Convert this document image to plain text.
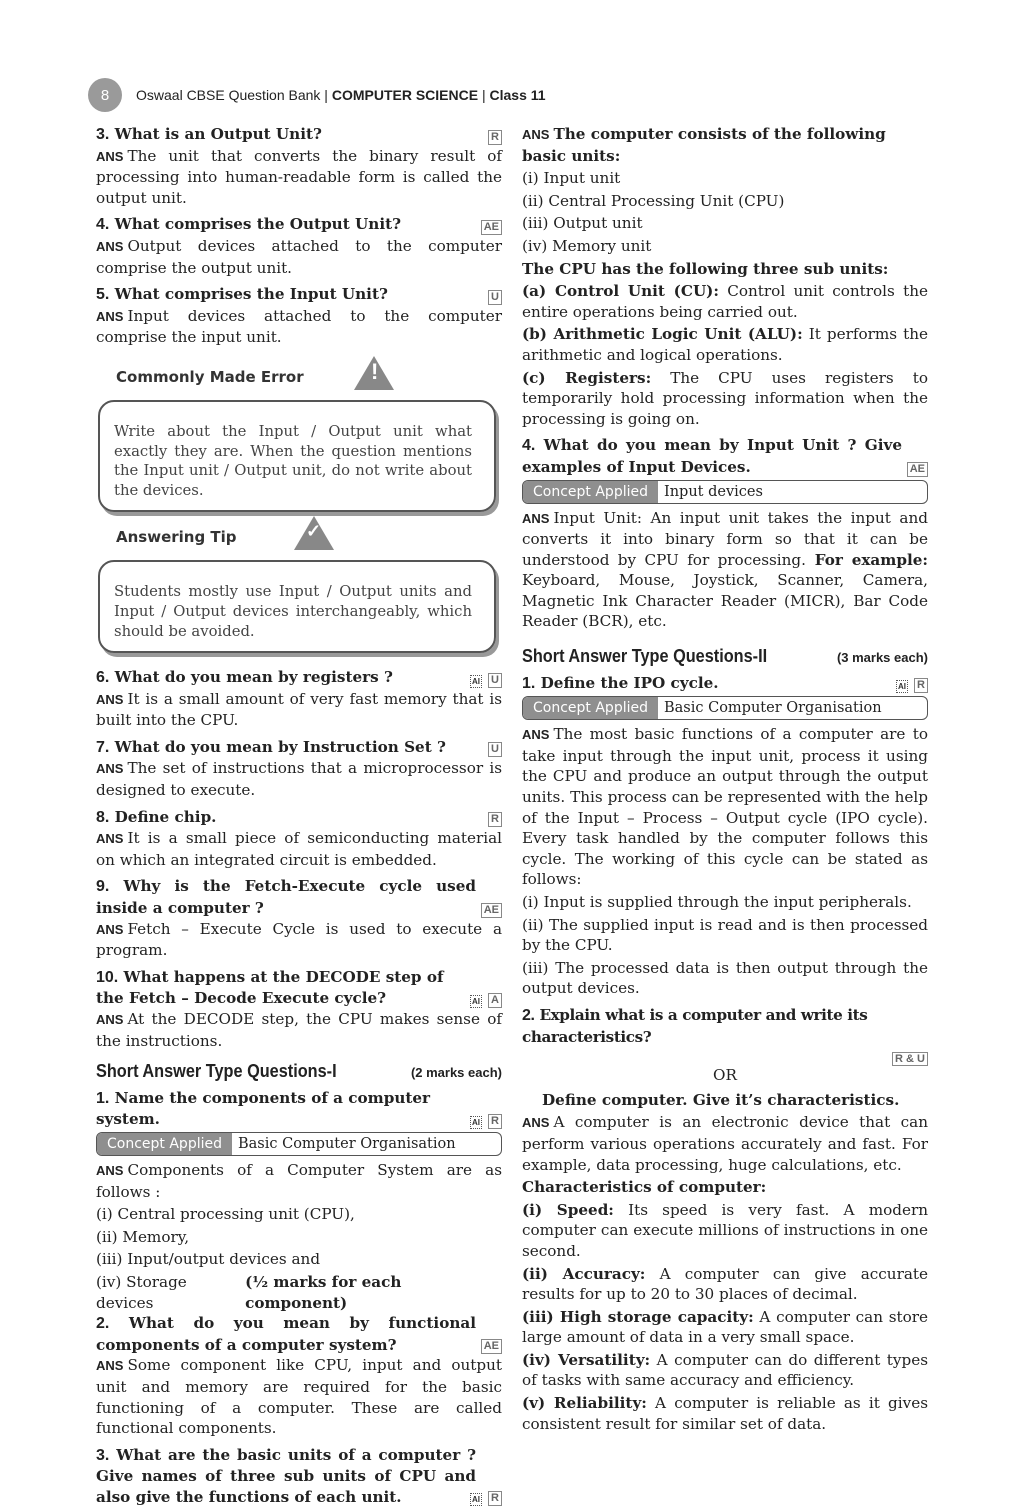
8	Oswaal CBSE Question Bank | COMPUTER SCIENCE | Class 11
3. What is an Output Unit?	R
ANS The unit that converts the binary result of processing into human-readable form is called the output unit.
4. What comprises the Output Unit?	AE
ANS Output devices attached to the computer comprise the output unit.
5. What comprises the Input Unit?	U
ANS Input devices attached to the computer comprise the input unit.
Commonly Made Error	!
Write about the Input / Output unit what exactly they are. When the question mentions the Input unit / Output unit, do not write about the devices.
Answering Tip	✓
Students mostly use Input / Output units and Input / Output devices interchangeably, which should be avoided.
6. What do you mean by registers ?	AI U
ANS It is a small amount of very fast memory that is built into the CPU.
7. What do you mean by Instruction Set ?	U
ANS The set of instructions that a microprocessor is designed to execute.
8. Define chip.	R
ANS It is a small piece of semiconducting material on which an integrated circuit is embedded.
9. Why is the Fetch-Execute cycle used inside a computer ?	AE
ANS Fetch – Execute Cycle is used to execute a program.
10. What happens at the DECODE step of the Fetch – Decode Execute cycle?	AI A
ANS At the DECODE step, the CPU makes sense of the instructions.
Short Answer Type Questions-I	(2 marks each)
1. Name the components of a computer system.	AI R
Concept Applied	Basic Computer Organisation
ANS Components of a Computer System are as follows :
(i) Central processing unit (CPU),
(ii) Memory,
(iii) Input/output devices and
(iv) Storage devices
(½ marks for each component)
2. What do you mean by functional components of a computer system?	AE
ANS Some component like CPU, input and output unit and memory are required for the basic functioning of a computer. These are called functional components.
3. What are the basic units of a computer ? Give names of three sub units of CPU and also give the functions of each unit.	AI R
ANS The computer consists of the following basic units:
(i) Input unit
(ii) Central Processing Unit (CPU)
(iii) Output unit
(iv) Memory unit
The CPU has the following three sub units:
(a) Control Unit (CU): Control unit controls the entire operations being carried out.
(b) Arithmetic Logic Unit (ALU): It performs the arithmetic and logical operations.
(c) Registers: The CPU uses registers to temporarily hold processing information when the processing is going on.
4. What do you mean by Input Unit ? Give examples of Input Devices.	AE
Concept Applied	Input devices
ANS Input Unit: An input unit takes the input and converts it into binary form so that it can be understood by CPU for processing. For example: Keyboard, Mouse, Joystick, Scanner, Camera, Magnetic Ink Character Reader (MICR), Bar Code Reader (BCR), etc.
Short Answer Type Questions-II	(3 marks each)
1. Define the IPO cycle.	AI R
Concept Applied	Basic Computer Organisation
ANS The most basic functions of a computer are to take input through the input unit, process it using the CPU and produce an output through the output units. This process can be represented with the help of the Input – Process – Output cycle (IPO cycle). Every task handled by the computer follows this cycle. The working of this cycle can be stated as follows:
(i) Input is supplied through the input peripherals.
(ii) The supplied input is read and is then processed by the CPU.
(iii) The processed data is then output through the output devices.
2. Explain what is a computer and write its characteristics?
R & U
OR
Define computer. Give it’s characteristics.
ANS A computer is an electronic device that can perform various operations accurately and fast. For example, data processing, huge calculations, etc.
Characteristics of computer:
(i) Speed: Its speed is very fast. A modern computer can execute millions of instructions in one second.
(ii) Accuracy: A computer can give accurate results for up to 20 to 30 places of decimal.
(iii) High storage capacity: A computer can store large amount of data in a very small space.
(iv) Versatility: A computer can do different types of tasks with same accuracy and efficiency.
(v) Reliability: A computer is reliable as it gives consistent result for similar set of data.
